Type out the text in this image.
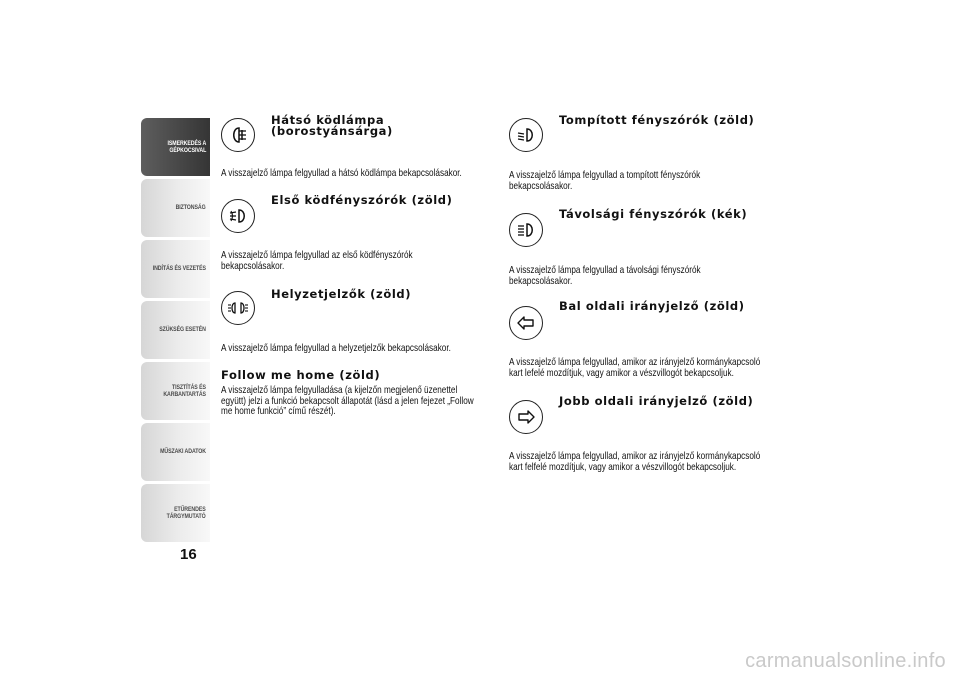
ISMERKEDÉS A
GÉPKOCSIVAL
BIZTONSÁG
INDÍTÁS ÉS VEZETÉS
SZÜKSÉG ESETÉN
TISZTÍTÁS ÉS
KARBANTARTÁS
MŰSZAKI ADATOK
ETŰRENDES
TÁRGYMUTATÓ
16
Hátsó ködlámpa
(borostyánsárga)
A visszajelző lámpa felgyullad a hátsó ködlámpa bekapcsolásakor.
Első ködfényszórók (zöld)
A visszajelző lámpa felgyullad az első ködfényszórók
bekapcsolásakor.
Helyzetjelzők (zöld)
A visszajelző lámpa felgyullad a helyzetjelzők bekapcsolásakor.
Follow me home (zöld)
A visszajelző lámpa felgyulladása (a kijelzőn megjelenő üzenettel
együtt) jelzi a funkció bekapcsolt állapotát (lásd a jelen fejezet „Follow
me home funkció” című részét).
Tompított fényszórók (zöld)
A visszajelző lámpa felgyullad a tompított fényszórók
bekapcsolásakor.
Távolsági fényszórók (kék)
A visszajelző lámpa felgyullad a távolsági fényszórók
bekapcsolásakor.
Bal oldali irányjelző (zöld)
A visszajelző lámpa felgyullad, amikor az irányjelző kormánykapcsoló
kart lefelé mozdítjuk, vagy amikor a vészvillogót bekapcsoljuk.
Jobb oldali irányjelző (zöld)
A visszajelző lámpa felgyullad, amikor az irányjelző kormánykapcsoló
kart felfelé mozdítjuk, vagy amikor a vészvillogót bekapcsoljuk.
carmanualsonline.info
